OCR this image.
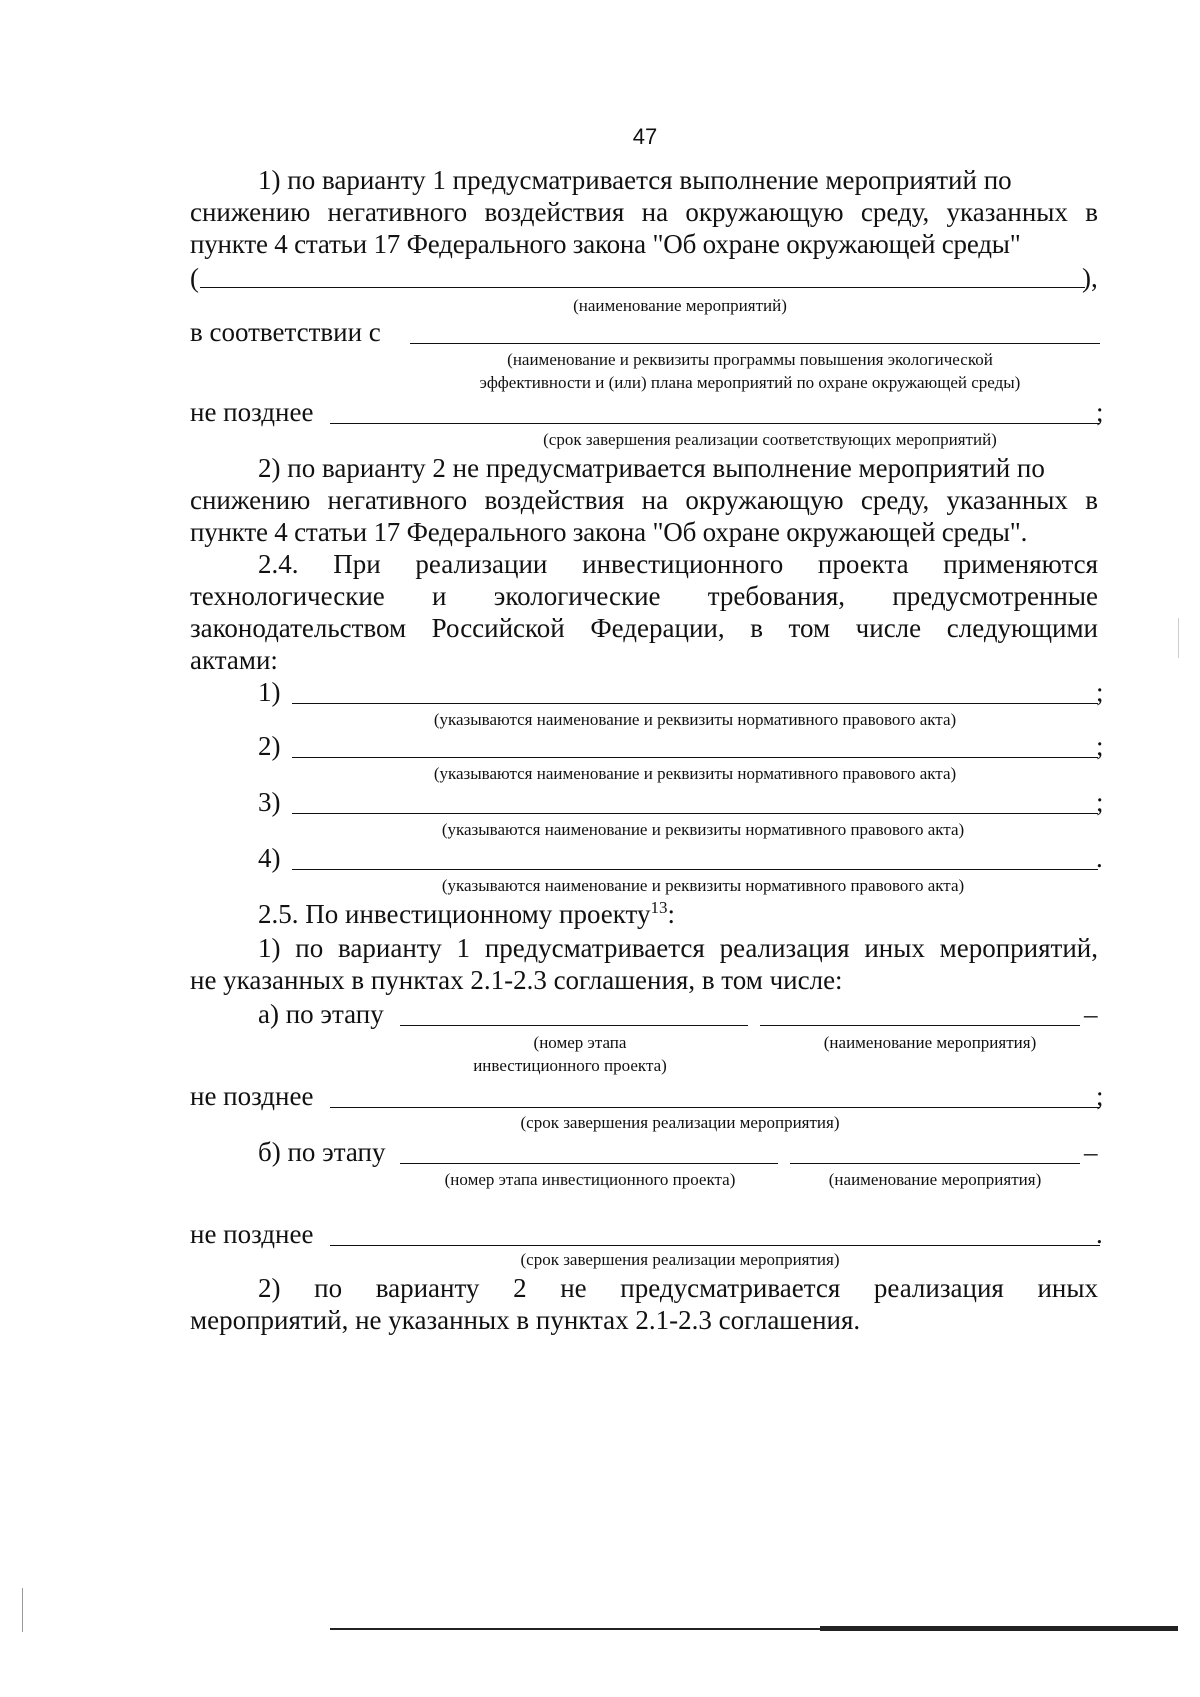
47
1) по варианту 1 предусматривается выполнение мероприятий по
снижению негативного воздействия на окружающую среду, указанных в
пункте 4 статьи 17 Федерального закона "Об охране окружающей среды"
(	),
(наименование мероприятий)
в соответствии с
(наименование и реквизиты программы повышения экологической
эффективности и (или) плана мероприятий по охране окружающей среды)
не позднее	;
(срок завершения реализации соответствующих мероприятий)
2) по варианту 2 не предусматривается выполнение мероприятий по
снижению негативного воздействия на окружающую среду, указанных в
пункте 4 статьи 17 Федерального закона "Об охране окружающей среды".
2.4. При реализации инвестиционного проекта применяются
технологические и экологические требования, предусмотренные
законодательством Российской Федерации, в том числе следующими
актами:
1)	;
(указываются наименование и реквизиты нормативного правового акта)
2)	;
(указываются наименование и реквизиты нормативного правового акта)
3)	;
(указываются наименование и реквизиты нормативного правового акта)
4)	.
(указываются наименование и реквизиты нормативного правового акта)
2.5. По инвестиционному проекту$^{13}$:
1) по варианту 1 предусматривается реализация иных мероприятий,
не указанных в пунктах 2.1-2.3 соглашения, в том числе:
а) по этапу	–
(номер этапа
инвестиционного проекта)
(наименование мероприятия)
не позднее	;
(срок завершения реализации мероприятия)
б) по этапу	–
(номер этапа инвестиционного проекта)	(наименование мероприятия)
не позднее	.
(срок завершения реализации мероприятия)
2) по варианту 2 не предусматривается реализация иных
мероприятий, не указанных в пунктах 2.1-2.3 соглашения.
